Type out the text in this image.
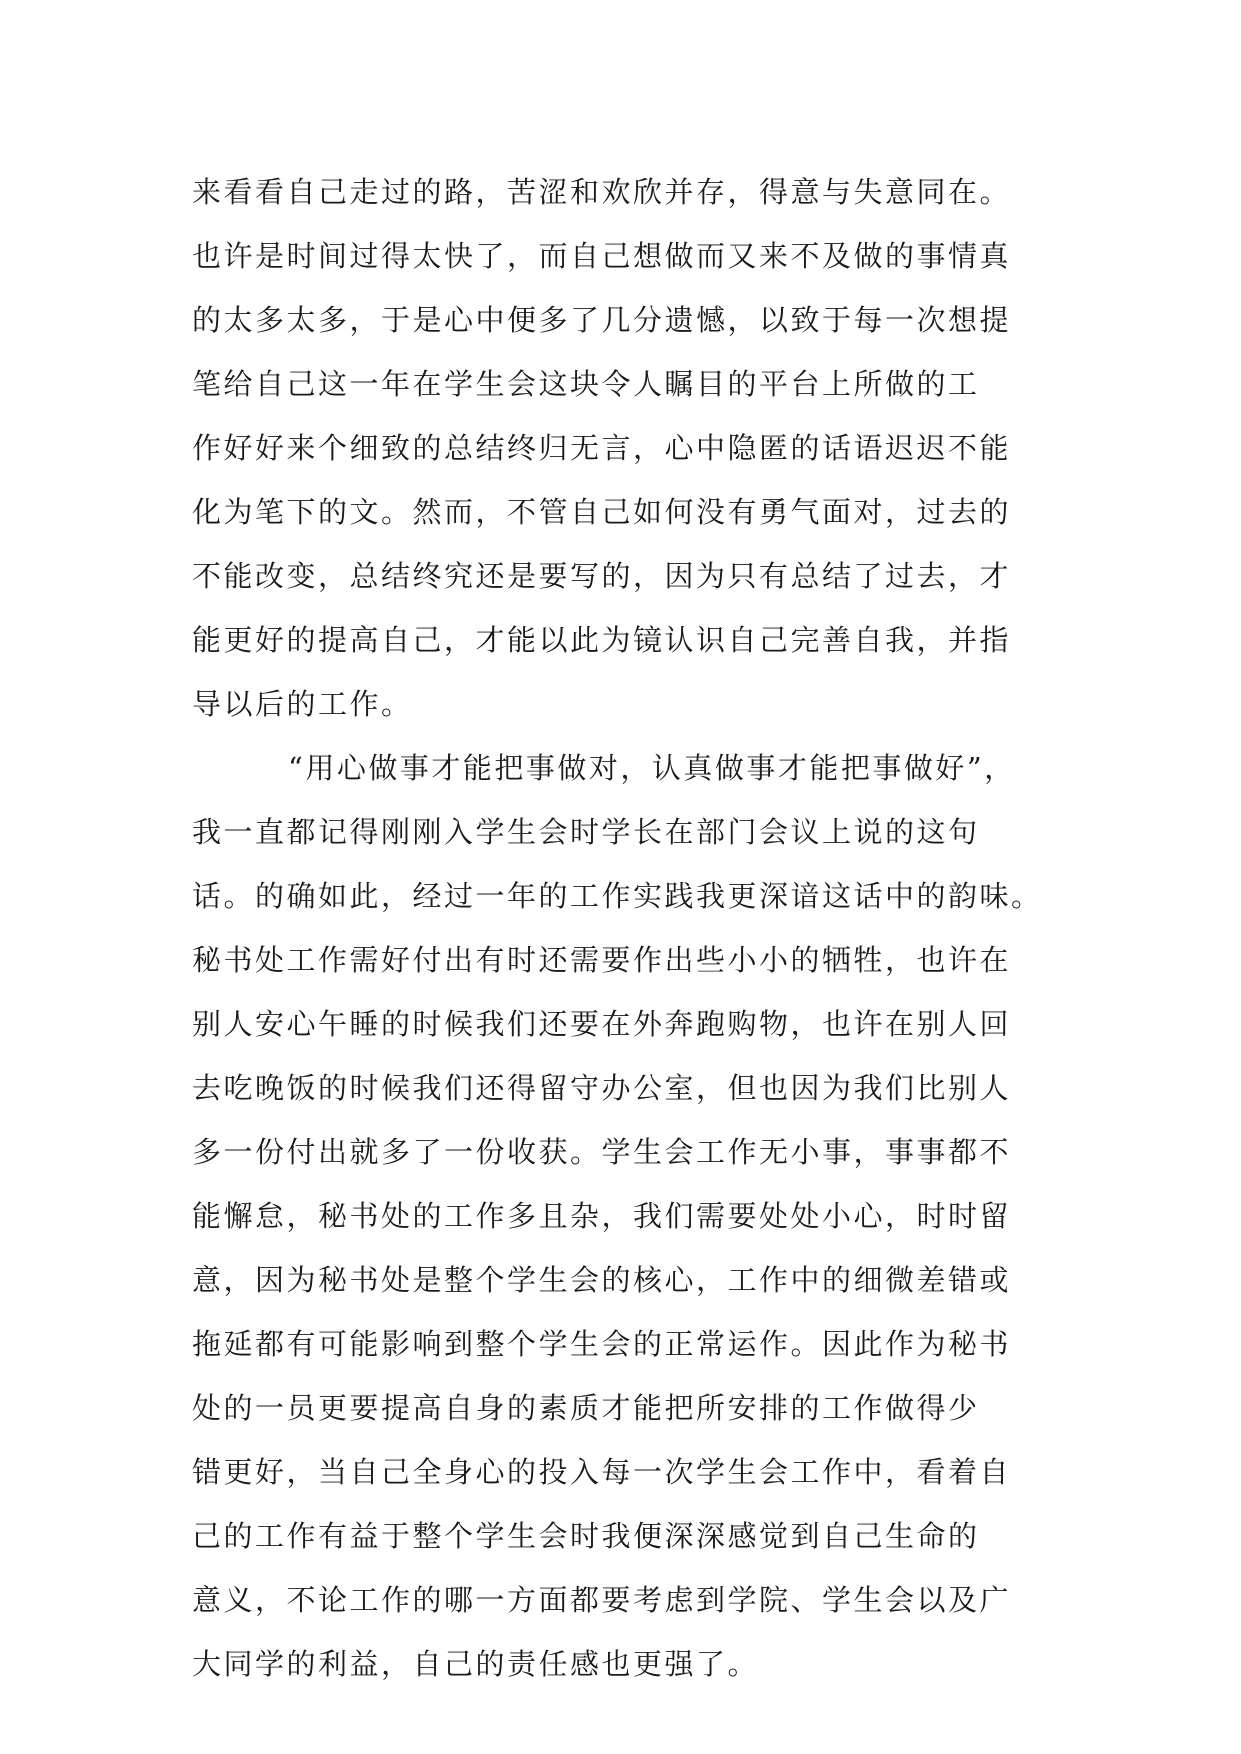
来看看自己走过的路，苦涩和欢欣并存，得意与失意同在。
也许是时间过得太快了，而自己想做而又来不及做的事情真
的太多太多，于是心中便多了几分遗憾，以致于每一次想提
笔给自己这一年在学生会这块令人瞩目的平台上所做的工
作好好来个细致的总结终归无言，心中隐匿的话语迟迟不能
化为笔下的文。然而，不管自己如何没有勇气面对，过去的
不能改变，总结终究还是要写的，因为只有总结了过去，才
能更好的提高自己，才能以此为镜认识自己完善自我，并指
导以后的工作。
“用心做事才能把事做对，认真做事才能把事做好”，
我一直都记得刚刚入学生会时学长在部门会议上说的这句
话。的确如此，经过一年的工作实践我更深谙这话中的韵味。
秘书处工作需好付出有时还需要作出些小小的牺牲，也许在
别人安心午睡的时候我们还要在外奔跑购物，也许在别人回
去吃晚饭的时候我们还得留守办公室，但也因为我们比别人
多一份付出就多了一份收获。学生会工作无小事，事事都不
能懈怠，秘书处的工作多且杂，我们需要处处小心，时时留
意，因为秘书处是整个学生会的核心，工作中的细微差错或
拖延都有可能影响到整个学生会的正常运作。因此作为秘书
处的一员更要提高自身的素质才能把所安排的工作做得少
错更好，当自己全身心的投入每一次学生会工作中，看着自
己的工作有益于整个学生会时我便深深感觉到自己生命的
意义，不论工作的哪一方面都要考虑到学院、学生会以及广
大同学的利益，自己的责任感也更强了。
